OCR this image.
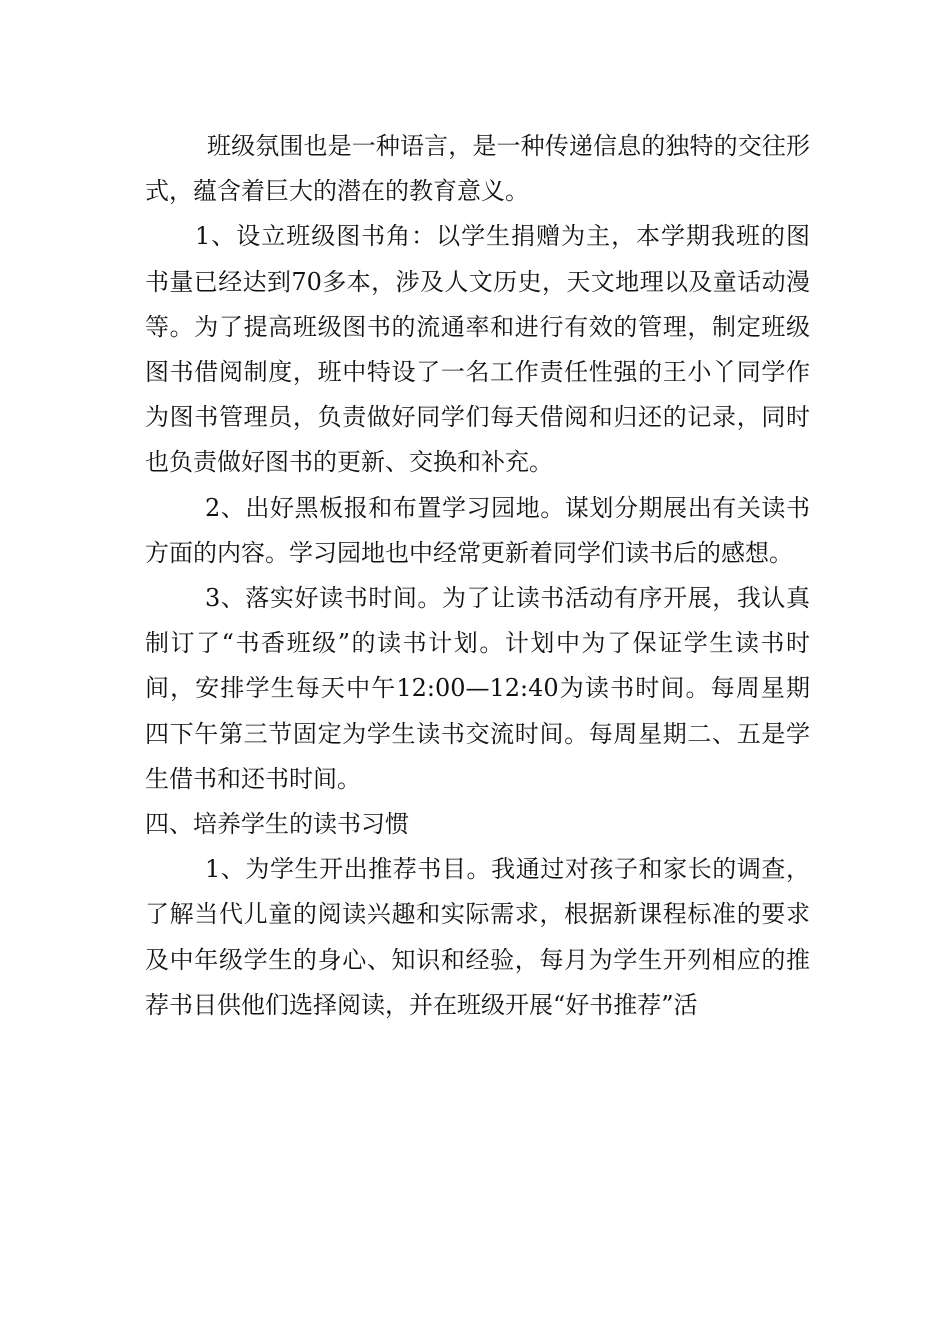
班级氛围也是一种语言，是一种传递信息的独特的交往形式，蕴含着巨大的潜在的教育意义。

1、设立班级图书角：以学生捐赠为主，本学期我班的图书量已经达到70多本，涉及人文历史，天文地理以及童话动漫等。为了提高班级图书的流通率和进行有效的管理，制定班级图书借阅制度，班中特设了一名工作责任性强的王小丫同学作为图书管理员，负责做好同学们每天借阅和归还的记录，同时也负责做好图书的更新、交换和补充。

2、出好黑板报和布置学习园地。谋划分期展出有关读书方面的内容。学习园地也中经常更新着同学们读书后的感想。

3、落实好读书时间。为了让读书活动有序开展，我认真制订了“书香班级”的读书计划。计划中为了保证学生读书时间，安排学生每天中午12:00—12:40为读书时间。每周星期四下午第三节固定为学生读书交流时间。每周星期二、五是学生借书和还书时间。

四、培养学生的读书习惯

1、为学生开出推荐书目。我通过对孩子和家长的调查，了解当代儿童的阅读兴趣和实际需求，根据新课程标准的要求及中年级学生的身心、知识和经验，每月为学生开列相应的推荐书目供他们选择阅读，并在班级开展“好书推荐”活
